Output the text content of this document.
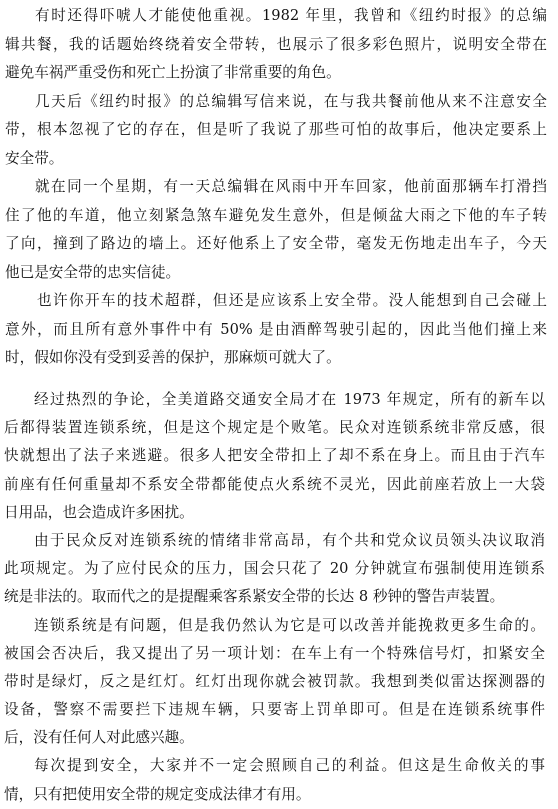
有时还得吓唬人才能使他重视。1982 年里，我曾和《纽约时报》的总编
辑共餐，我的话题始终绕着安全带转，也展示了很多彩色照片，说明安全带在
避免车祸严重受伤和死亡上扮演了非常重要的角色。
几天后《纽约时报》的总编辑写信来说，在与我共餐前他从来不注意安全
带，根本忽视了它的存在，但是听了我说了那些可怕的故事后，他决定要系上
安全带。
就在同一个星期，有一天总编辑在风雨中开车回家，他前面那辆车打滑挡
住了他的车道，他立刻紧急煞车避免发生意外，但是倾盆大雨之下他的车子转
了向，撞到了路边的墙上。还好他系上了安全带，毫发无伤地走出车子，今天
他已是安全带的忠实信徒。
也许你开车的技术超群，但还是应该系上安全带。没人能想到自己会碰上
意外，而且所有意外事件中有 50% 是由酒醉驾驶引起的，因此当他们撞上来
时，假如你没有受到妥善的保护，那麻烦可就大了。
经过热烈的争论，全美道路交通安全局才在 1973 年规定，所有的新车以
后都得装置连锁系统，但是这个规定是个败笔。民众对连锁系统非常反感，很
快就想出了法子来逃避。很多人把安全带扣上了却不系在身上。而且由于汽车
前座有任何重量却不系安全带都能使点火系统不灵光，因此前座若放上一大袋
日用品，也会造成许多困扰。
由于民众反对连锁系统的情绪非常高昂，有个共和党众议员领头决议取消
此项规定。为了应付民众的压力，国会只花了 20 分钟就宣布强制使用连锁系
统是非法的。取而代之的是提醒乘客系紧安全带的长达 8 秒钟的警告声装置。
连锁系统是有问题，但是我仍然认为它是可以改善并能挽救更多生命的。
被国会否决后，我又提出了另一项计划：在车上有一个特殊信号灯，扣紧安全
带时是绿灯，反之是红灯。红灯出现你就会被罚款。我想到类似雷达探测器的
设备，警察不需要拦下违规车辆，只要寄上罚单即可。但是在连锁系统事件
后，没有任何人对此感兴趣。
每次提到安全，大家并不一定会照顾自己的利益。但这是生命攸关的事
情，只有把使用安全带的规定变成法律才有用。
